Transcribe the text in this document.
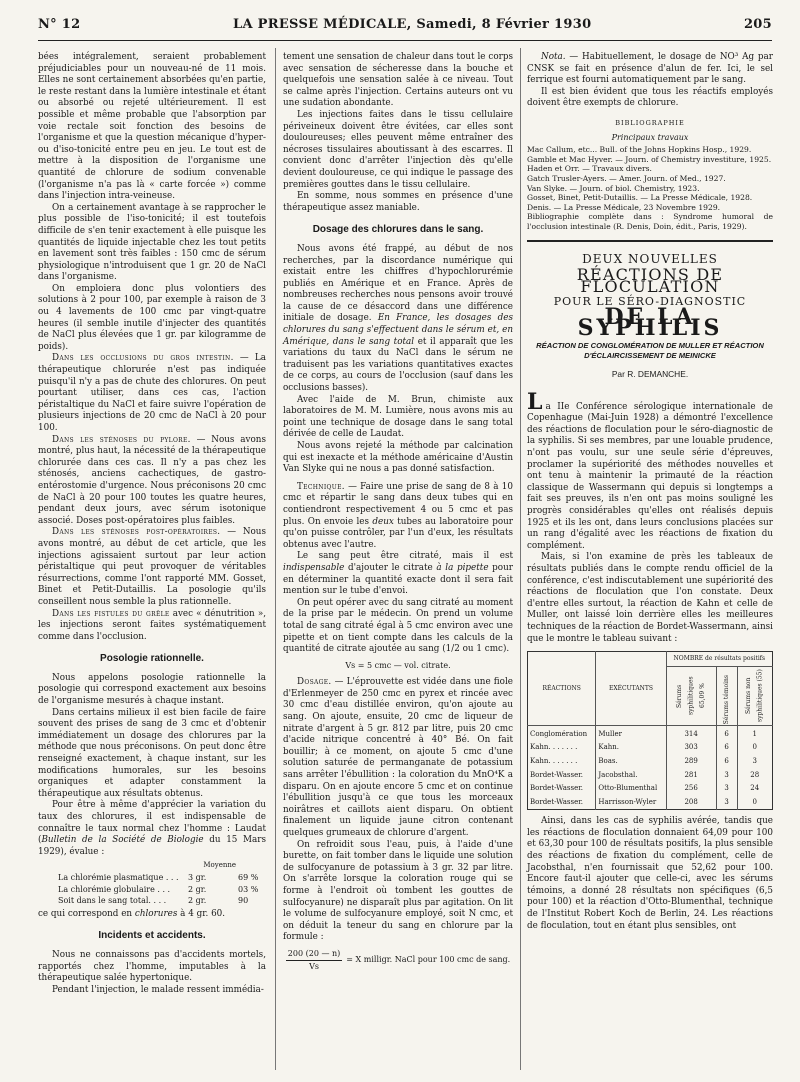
N° 12	LA PRESSE MÉDICALE, Samedi, 8 Février 1930	205

bées intégralement, seraient probablement préjudiciables pour un nouveau-né de 11 mois. Elles ne sont certainement absorbées qu'en partie, le reste restant dans la lumière intestinale et étant ou absorbé ou rejeté ultérieurement. Il est possible et même probable que l'absorption par voie rectale soit fonction des besoins de l'organisme et que la question mécanique d'hyper- ou d'iso-tonicité entre peu en jeu. Le tout est de mettre à la disposition de l'organisme une quantité de chlorure de sodium convenable (l'organisme n'a pas là « carte forcée ») comme dans l'injection intra-veineuse.

On a certainement avantage à se rapprocher le plus possible de l'iso-tonicité; il est toutefois difficile de s'en tenir exactement à elle puisque les quantités de liquide injectable chez les tout petits en lavement sont très faibles : 150 cmc de sérum physiologique n'introduisent que 1 gr. 20 de NaCl dans l'organisme.

On emploiera donc plus volontiers des solutions à 2 pour 100, par exemple à raison de 3 ou 4 lavements de 100 cmc par vingt-quatre heures (il semble inutile d'injecter des quantités de NaCl plus élevées que 1 gr. par kilogramme de poids).

Dans les occlusions du gros intestin. — La thérapeutique chlorurée n'est pas indiquée puisqu'il n'y a pas de chute des chlorures. On peut pourtant utiliser, dans ces cas, l'action péristaltique du NaCl et faire suivre l'opération de plusieurs injections de 20 cmc de NaCl à 20 pour 100.

Dans les sténoses du pylore. — Nous avons montré, plus haut, la nécessité de la thérapeutique chlorurée dans ces cas. Il n'y a pas chez les sténosés, anciens cachectiques, de gastro-entérostomie d'urgence. Nous préconisons 20 cmc de NaCl à 20 pour 100 toutes les quatre heures, pendant deux jours, avec sérum isotonique associé. Doses post-opératoires plus faibles.

Dans les sténoses post-opératoires. — Nous avons montré, au début de cet article, que les injections agissaient surtout par leur action péristaltique qui peut provoquer de véritables résurrections, comme l'ont rapporté MM. Gosset, Binet et Petit-Dutaillis. La posologie qu'ils conseillent nous semble la plus rationnelle.

Dans les fistules du grêle avec « dénutrition », les injections seront faites systématiquement comme dans l'occlusion.

Posologie rationnelle.

Nous appelons posologie rationnelle la posologie qui correspond exactement aux besoins de l'organisme mesurés à chaque instant.

Dans certains milieux il est bien facile de faire souvent des prises de sang de 3 cmc et d'obtenir immédiatement un dosage des chlorures par la méthode que nous préconisons. On peut donc être renseigné exactement, à chaque instant, sur les modifications humorales, sur les besoins organiques et adapter constamment la thérapeutique aux résultats obtenus.

Pour être à même d'apprécier la variation du taux des chlorures, il est indispensable de connaître le taux normal chez l'homme : Laudat (Bulletin de la Société de Biologie du 15 Mars 1929), évalue :

Moyenne
La chlorémie plasmatique . . .	3 gr.	69 %
La chlorémie globulaire . . .	2 gr.	03 %
Soit dans le sang total. . . .	2 gr.	90

ce qui correspond en chlorures à 4 gr. 60.

Incidents et accidents.

Nous ne connaissons pas d'accidents mortels, rapportés chez l'homme, imputables à la thérapeutique salée hypertonique.

Pendant l'injection, le malade ressent immédia-

tement une sensation de chaleur dans tout le corps avec sensation de sécheresse dans la bouche et quelquefois une sensation salée à ce niveau. Tout se calme après l'injection. Certains auteurs ont vu une sudation abondante.

Les injections faites dans le tissu cellulaire périveineux doivent être évitées, car elles sont douloureuses; elles peuvent même entraîner des nécroses tissulaires aboutissant à des escarres. Il convient donc d'arrêter l'injection dès qu'elle devient douloureuse, ce qui indique le passage des premières gouttes dans le tissu cellulaire.

En somme, nous sommes en présence d'une thérapeutique assez maniable.

Dosage des chlorures dans le sang.

Nous avons été frappé, au début de nos recherches, par la discordance numérique qui existait entre les chiffres d'hypochlorurémie publiés en Amérique et en France. Après de nombreuses recherches nous pensons avoir trouvé la cause de ce désaccord dans une différence initiale de dosage. En France, les dosages des chlorures du sang s'effectuent dans le sérum et, en Amérique, dans le sang total et il apparaît que les variations du taux du NaCl dans le sérum ne traduisent pas les variations quantitatives exactes de ce corps, au cours de l'occlusion (sauf dans les occlusions basses).

Avec l'aide de M. Brun, chimiste aux laboratoires de M. M. Lumière, nous avons mis au point une technique de dosage dans le sang total dérivée de celle de Laudat.

Nous avons rejeté la méthode par calcination qui est inexacte et la méthode américaine d'Austin Van Slyke qui ne nous a pas donné satisfaction.

Technique. — Faire une prise de sang de 8 à 10 cmc et répartir le sang dans deux tubes qui en contiendront respectivement 4 ou 5 cmc et pas plus. On envoie les deux tubes au laboratoire pour qu'on puisse contrôler, par l'un d'eux, les résultats obtenus avec l'autre.

Le sang peut être citraté, mais il est indispensable d'ajouter le citrate à la pipette pour en déterminer la quantité exacte dont il sera fait mention sur le tube d'envoi.

On peut opérer avec du sang citraté au moment de la prise par le médecin. On prend un volume total de sang citraté égal à 5 cmc environ avec une pipette et on tient compte dans les calculs de la quantité de citrate ajoutée au sang (1/2 ou 1 cmc).

Vs = 5 cmc — vol. citrate.

Dosage. — L'éprouvette est vidée dans une fiole d'Erlenmeyer de 250 cmc en pyrex et rincée avec 30 cmc d'eau distillée environ, qu'on ajoute au sang. On ajoute, ensuite, 20 cmc de liqueur de nitrate d'argent à 5 gr. 812 par litre, puis 20 cmc d'acide nitrique concentré à 40° Bé. On fait bouillir; à ce moment, on ajoute 5 cmc d'une solution saturée de permanganate de potassium sans arrêter l'ébullition : la coloration du MnO⁴K a disparu. On en ajoute encore 5 cmc et on continue l'ébullition jusqu'à ce que tous les morceaux noirâtres et caillots aient disparu. On obtient finalement un liquide jaune citron contenant quelques grumeaux de chlorure d'argent.

On refroidit sous l'eau, puis, à l'aide d'une burette, on fait tomber dans le liquide une solution de sulfocyanure de potassium à 3 gr. 32 par litre. On s'arrête lorsque la coloration rouge qui se forme à l'endroit où tombent les gouttes de sulfocyanure) ne disparaît plus par agitation. On lit le volume de sulfocyanure employé, soit N cmc, et on déduit la teneur du sang en chlorure par la formule :

$\frac{200 (20 — n)}{Vs} = X$ milligr. NaCl pour 100 cmc de sang.

Nota. — Habituellement, le dosage de NO³ Ag par CNSK se fait en présence d'alun de fer. Ici, le sel ferrique est fourni automatiquement par le sang.

Il est bien évident que tous les réactifs employés doivent être exempts de chlorure.

BIBLIOGRAPHIE
Principaux travaux
Mac Callum, etc... Bull. of the Johns Hopkins Hosp., 1929.
Gamble et Mac Hyver. — Journ. of Chemistry investiture, 1925.
Haden et Orr. — Travaux divers.
Gatch Trusler-Ayers. — Amer. Journ. of Med., 1927.
Van Slyke. — Journ. of biol. Chemistry, 1923.
Gosset, Binet, Petit-Dutaillis. — La Presse Médicale, 1928.
Denis. — La Presse Médicale, 23 Novembre 1929.
Bibliographie complète dans : Syndrome humoral de l'occlusion intestinale (R. Denis, Doin, édit., Paris, 1929).
DEUX NOUVELLES
RÉACTIONS DE FLOCULATION
POUR LE SÉRO-DIAGNOSTIC
DE LA SYPHILIS
RÉACTION DE CONGLOMÉRATION DE MULLER ET RÉACTION D'ÉCLAIRCISSEMENT DE MEINICKE
Par R. DEMANCHE.

La IIe Conférence sérologique internationale de Copenhague (Mai-Juin 1928) a démontré l'excellence des réactions de floculation pour le séro-diagnostic de la syphilis. Si ses membres, par une louable prudence, n'ont pas voulu, sur une seule série d'épreuves, proclamer la supériorité des méthodes nouvelles et ont tenu à maintenir la primauté de la réaction classique de Wassermann qui depuis si longtemps a fait ses preuves, ils n'en ont pas moins souligné les progrès considérables qu'elles ont réalisés depuis 1925 et ils les ont, dans leurs conclusions placées sur un rang d'égalité avec les réactions de fixation du complément.

Mais, si l'on examine de près les tableaux de résultats publiés dans le compte rendu officiel de la conférence, c'est indiscutablement une supériorité des réactions de floculation que l'on constate. Deux d'entre elles surtout, la réaction de Kahn et celle de Muller, ont laissé loin derrière elles les meilleures techniques de la réaction de Bordet-Wassermann, ainsi que le montre le tableau suivant :

RÉACTIONS	EXÉCUTANTS	NOMBRE de résultats positifs		

		Sérums syphilitiques 65,09 %	Sérums témoins	Sérums non syphilitiques (55)

Conglomération	Muller	314	6	1
Kahn. . . . . . .	Kahn.	303	6	0
Kahn. . . . . . .	Boas.	289	6	3
Bordet-Wasser.	Jacobsthal.	281	3	28
Bordet-Wasser.	Otto-Blumenthal	256	3	24
Bordet-Wasser.	Harrisson-Wyler	208	3	0

Ainsi, dans les cas de syphilis avérée, tandis que les réactions de floculation donnaient 64,09 pour 100 et 63,30 pour 100 de résultats positifs, la plus sensible des réactions de fixation du complément, celle de Jacobsthal, n'en fournissait que 52,62 pour 100. Encore faut-il ajouter que celle-ci, avec les sérums témoins, a donné 28 résultats non spécifiques (6,5 pour 100) et la réaction d'Otto-Blumenthal, technique de l'Institut Robert Koch de Berlin, 24. Les réactions de floculation, tout en étant plus sensibles, ont
